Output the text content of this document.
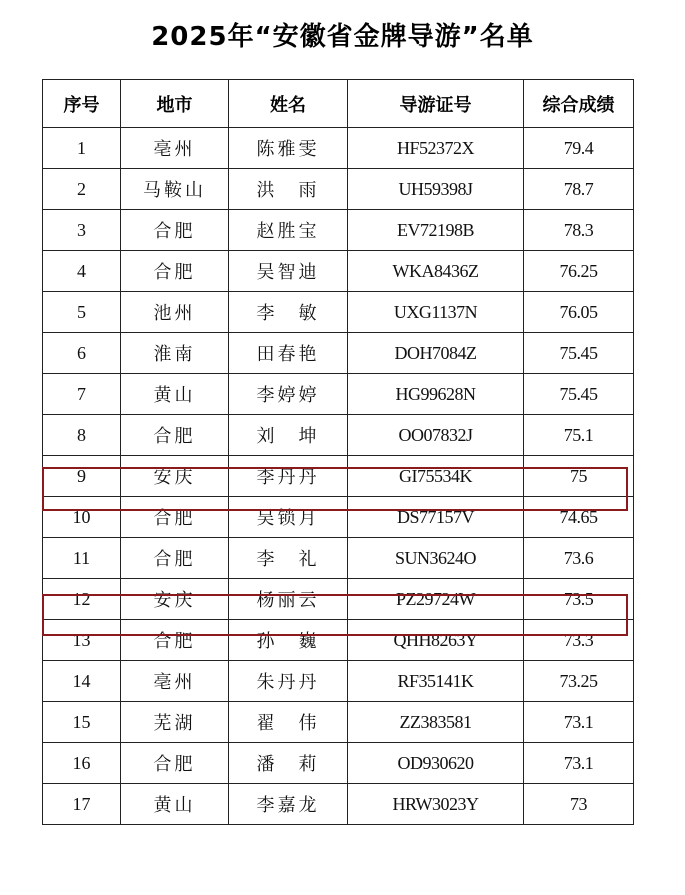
2025年“安徽省金牌导游”名单
序号	地市	姓名	导游证号	综合成绩
1	亳州	陈雅雯	HF52372X	79.4
2	马鞍山	洪　雨	UH59398J	78.7
3	合肥	赵胜宝	EV72198B	78.3
4	合肥	吴智迪	WKA8436Z	76.25
5	池州	李　敏	UXG1137N	76.05
6	淮南	田春艳	DOH7084Z	75.45
7	黄山	李婷婷	HG99628N	75.45
8	合肥	刘　坤	OO07832J	75.1
9	安庆	李丹丹	GI75534K	75
10	合肥	吴锁月	DS77157V	74.65
11	合肥	李　礼	SUN3624O	73.6
12	安庆	杨丽云	PZ29724W	73.5
13	合肥	孙　巍	QHH8263Y	73.3
14	亳州	朱丹丹	RF35141K	73.25
15	芜湖	翟　伟	ZZ383581	73.1
16	合肥	潘　莉	OD930620	73.1
17	黄山	李嘉龙	HRW3023Y	73
